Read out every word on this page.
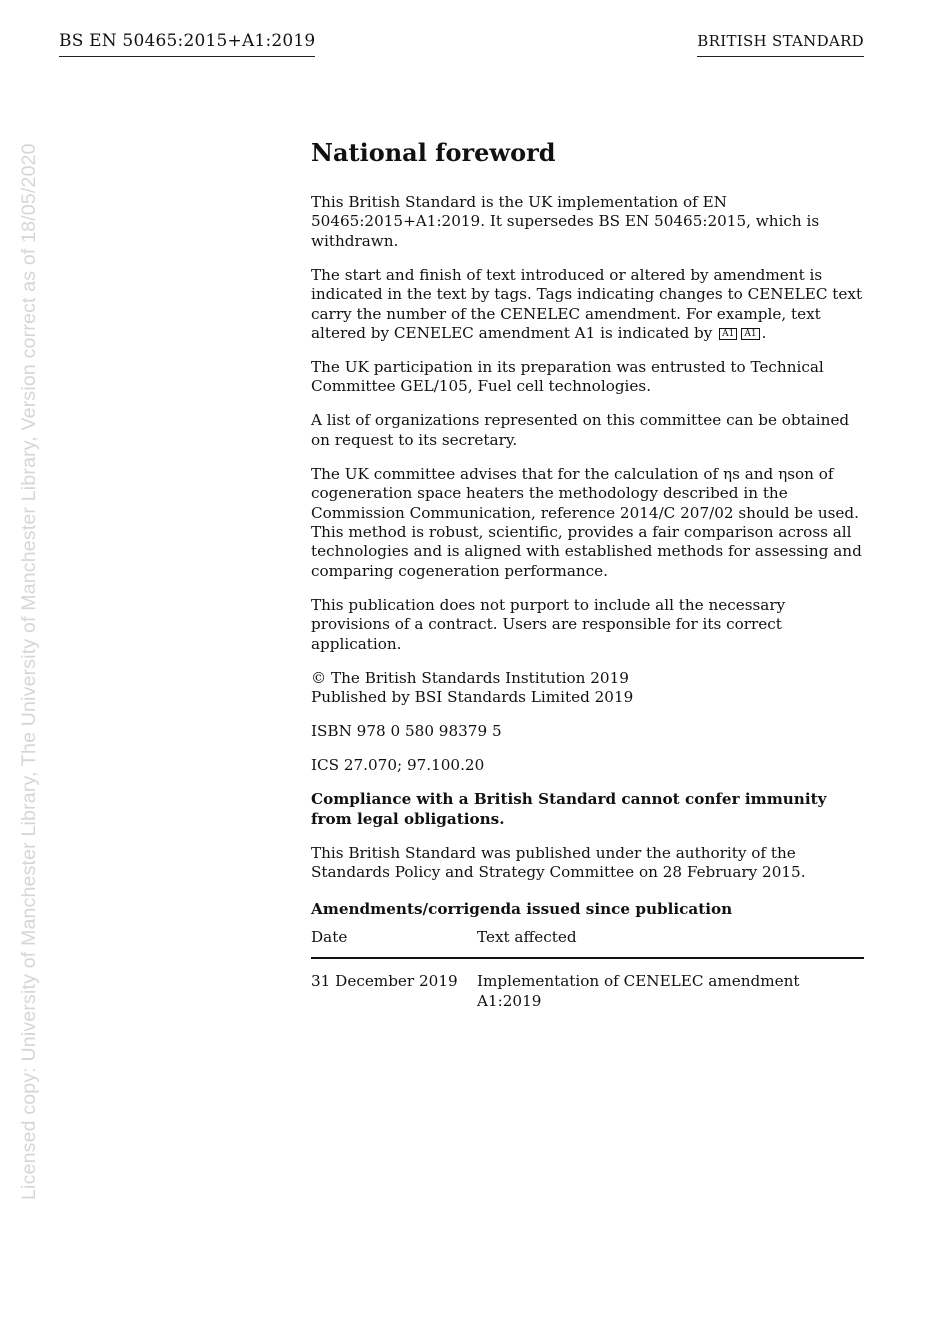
BS EN 50465:2015+A1:2019	BRITISH STANDARD
Licensed copy: University of Manchester Library, The University of Manchester Library, Version correct as of 18/05/2020	National foreword

This British Standard is the UK implementation of EN 50465:2015+A1:2019. It supersedes BS EN 50465:2015, which is withdrawn.

The start and finish of text introduced or altered by amendment is indicated in the text by tags. Tags indicating changes to CENELEC text carry the number of the CENELEC amendment. For example, text altered by CENELEC amendment A1 is indicated by A1 A1 .

The UK participation in its preparation was entrusted to Technical Committee GEL/105, Fuel cell technologies.

A list of organizations represented on this committee can be obtained on request to its secretary.

The UK committee advises that for the calculation of ηs and ηson of cogeneration space heaters the methodology described in the Commission Communication, reference 2014/C 207/02 should be used. This method is robust, scientific, provides a fair comparison across all technologies and is aligned with established methods for assessing and comparing cogeneration performance.

This publication does not purport to include all the necessary provisions of a contract. Users are responsible for its correct application.

© The British Standards Institution 2019
Published by BSI Standards Limited 2019

ISBN 978 0 580 98379 5

ICS 27.070; 97.100.20

Compliance with a British Standard cannot confer immunity from legal obligations.

This British Standard was published under the authority of the Standards Policy and Strategy Committee on 28 February 2015.

Amendments/corrigenda issued since publication
Date	Text affected
31 December 2019	Implementation of CENELEC amendment A1:2019
